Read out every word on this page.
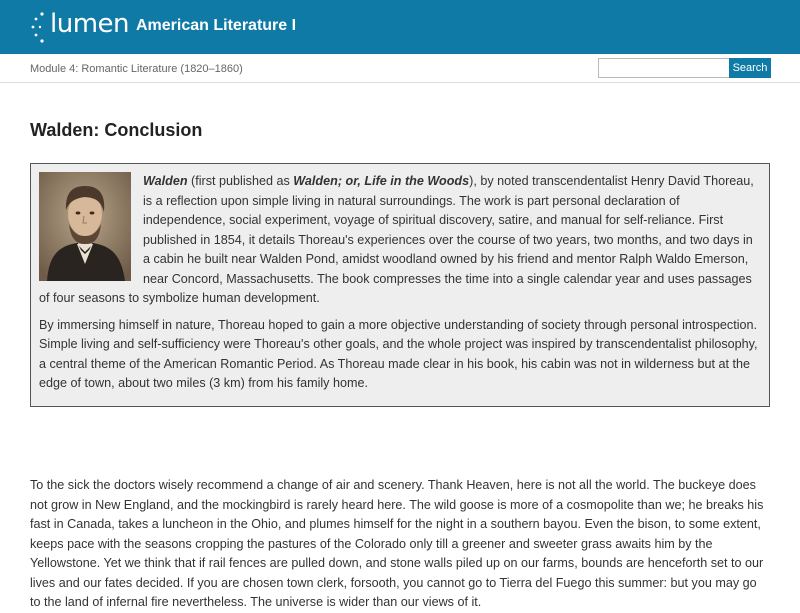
lumen American Literature I
Module 4: Romantic Literature (1820–1860)	Search
Walden: Conclusion

Walden (first published as Walden; or, Life in the Woods), by noted transcendentalist Henry David Thoreau, is a reflection upon simple living in natural surroundings. The work is part personal declaration of independence, social experiment, voyage of spiritual discovery, satire, and manual for self-reliance. First published in 1854, it details Thoreau's experiences over the course of two years, two months, and two days in a cabin he built near Walden Pond, amidst woodland owned by his friend and mentor Ralph Waldo Emerson, near Concord, Massachusetts. The book compresses the time into a single calendar year and uses passages of four seasons to symbolize human development.

By immersing himself in nature, Thoreau hoped to gain a more objective understanding of society through personal introspection. Simple living and self-sufficiency were Thoreau's other goals, and the whole project was inspired by transcendentalist philosophy, a central theme of the American Romantic Period. As Thoreau made clear in his book, his cabin was not in wilderness but at the edge of town, about two miles (3 km) from his family home.

To the sick the doctors wisely recommend a change of air and scenery. Thank Heaven, here is not all the world. The buckeye does not grow in New England, and the mockingbird is rarely heard here. The wild goose is more of a cosmopolite than we; he breaks his fast in Canada, takes a luncheon in the Ohio, and plumes himself for the night in a southern bayou. Even the bison, to some extent, keeps pace with the seasons cropping the pastures of the Colorado only till a greener and sweeter grass awaits him by the Yellowstone. Yet we think that if rail fences are pulled down, and stone walls piled up on our farms, bounds are henceforth set to our lives and our fates decided. If you are chosen town clerk, forsooth, you cannot go to Tierra del Fuego this summer: but you may go to the land of infernal fire nevertheless. The universe is wider than our views of it.
